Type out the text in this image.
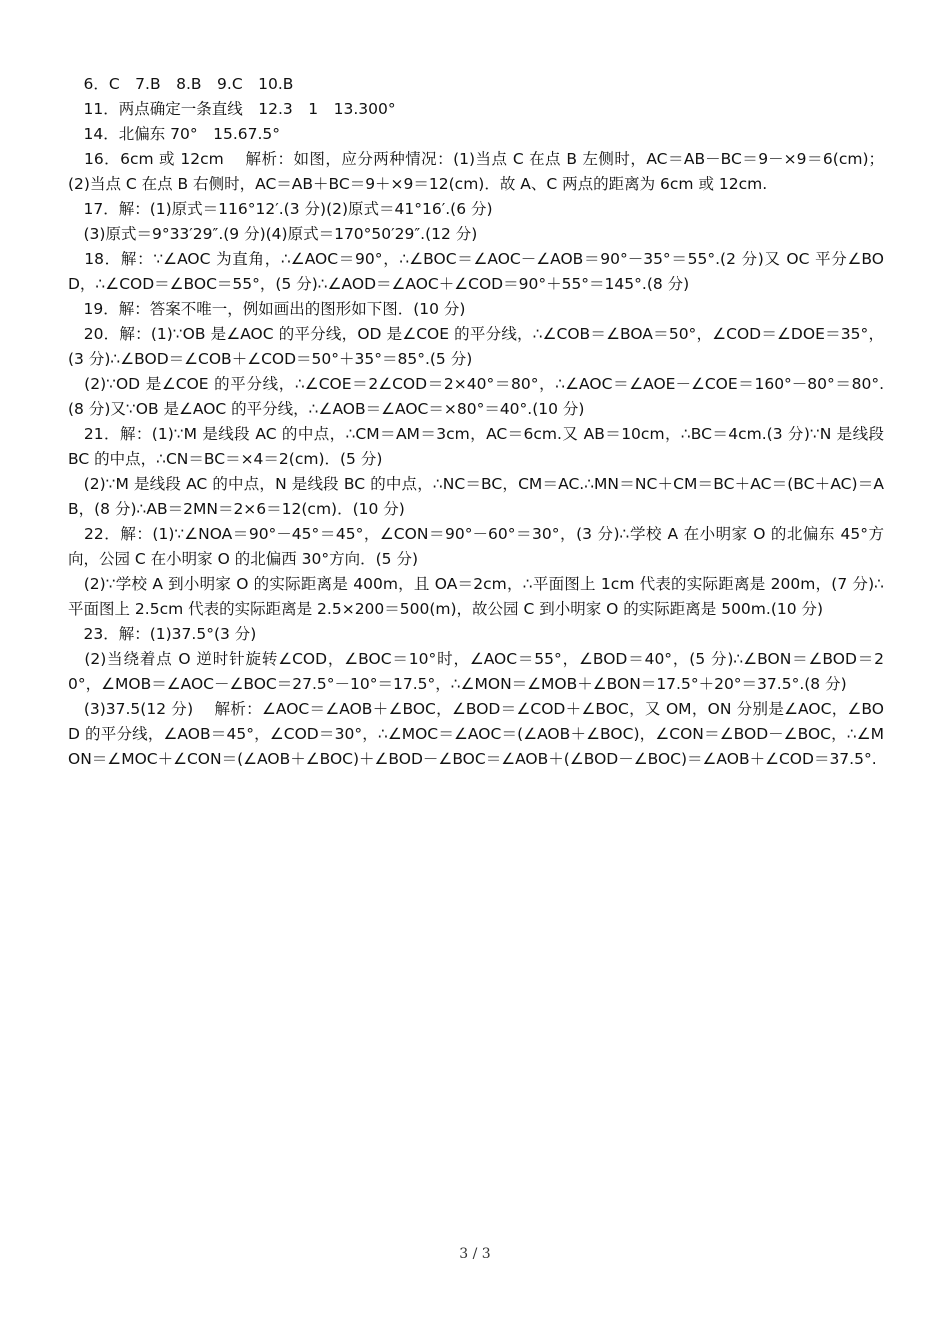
　6．C　7.B　8.B　9.C　10.B

　11．两点确定一条直线　12.3　1　13.300°

　14．北偏东 70°　15.67.5°

　16．6cm 或 12cm　 解析：如图，应分两种情况：(1)当点 C 在点 B 左侧时，AC＝AB－BC＝9－×9＝6(cm)；(2)当点 C 在点 B 右侧时，AC＝AB＋BC＝9＋×9＝12(cm)．故 A、C 两点的距离为 6cm 或 12cm.

　17．解：(1)原式＝116°12′.(3 分)(2)原式＝41°16′.(6 分)

　(3)原式＝9°33′29″.(9 分)(4)原式＝170°50′29″.(12 分)

　18．解：∵∠AOC 为直角，∴∠AOC＝90°，∴∠BOC＝∠AOC－∠AOB＝90°－35°＝55°.(2 分)又 OC 平分∠BOD，∴∠COD＝∠BOC＝55°，(5 分)∴∠AOD＝∠AOC＋∠COD＝90°＋55°＝145°.(8 分)

　19．解：答案不唯一，例如画出的图形如下图．(10 分)

　20．解：(1)∵OB 是∠AOC 的平分线，OD 是∠COE 的平分线，∴∠COB＝∠BOA＝50°，∠COD＝∠DOE＝35°，(3 分)∴∠BOD＝∠COB＋∠COD＝50°＋35°＝85°.(5 分)

　(2)∵OD 是∠COE 的平分线，∴∠COE＝2∠COD＝2×40°＝80°，∴∠AOC＝∠AOE－∠COE＝160°－80°＝80°.(8 分)又∵OB 是∠AOC 的平分线，∴∠AOB＝∠AOC＝×80°＝40°.(10 分)

　21．解：(1)∵M 是线段 AC 的中点，∴CM＝AM＝3cm，AC＝6cm.又 AB＝10cm，∴BC＝4cm.(3 分)∵N 是线段 BC 的中点，∴CN＝BC＝×4＝2(cm)．(5 分)

　(2)∵M 是线段 AC 的中点，N 是线段 BC 的中点，∴NC＝BC，CM＝AC.∴MN＝NC＋CM＝BC＋AC＝(BC＋AC)＝AB，(8 分)∴AB＝2MN＝2×6＝12(cm)．(10 分)

　22．解：(1)∵∠NOA＝90°－45°＝45°，∠CON＝90°－60°＝30°，(3 分)∴学校 A 在小明家 O 的北偏东 45°方向，公园 C 在小明家 O 的北偏西 30°方向．(5 分)

　(2)∵学校 A 到小明家 O 的实际距离是 400m，且 OA＝2cm，∴平面图上 1cm 代表的实际距离是 200m，(7 分)∴平面图上 2.5cm 代表的实际距离是 2.5×200＝500(m)，故公园 C 到小明家 O 的实际距离是 500m.(10 分)

　23．解：(1)37.5°(3 分)

　(2)当绕着点 O 逆时针旋转∠COD，∠BOC＝10°时，∠AOC＝55°，∠BOD＝40°，(5 分)∴∠BON＝∠BOD＝20°，∠MOB＝∠AOC－∠BOC＝27.5°－10°＝17.5°，∴∠MON＝∠MOB＋∠BON＝17.5°＋20°＝37.5°.(8 分)

　(3)37.5(12 分)　 解析：∠AOC＝∠AOB＋∠BOC，∠BOD＝∠COD＋∠BOC，又 OM，ON 分别是∠AOC，∠BOD 的平分线，∠AOB＝45°，∠COD＝30°，∴∠MOC＝∠AOC＝(∠AOB＋∠BOC)，∠CON＝∠BOD－∠BOC，∴∠MON＝∠MOC＋∠CON＝(∠AOB＋∠BOC)＋∠BOD－∠BOC＝∠AOB＋(∠BOD－∠BOC)＝∠AOB＋∠COD＝37.5°.

3 / 3
